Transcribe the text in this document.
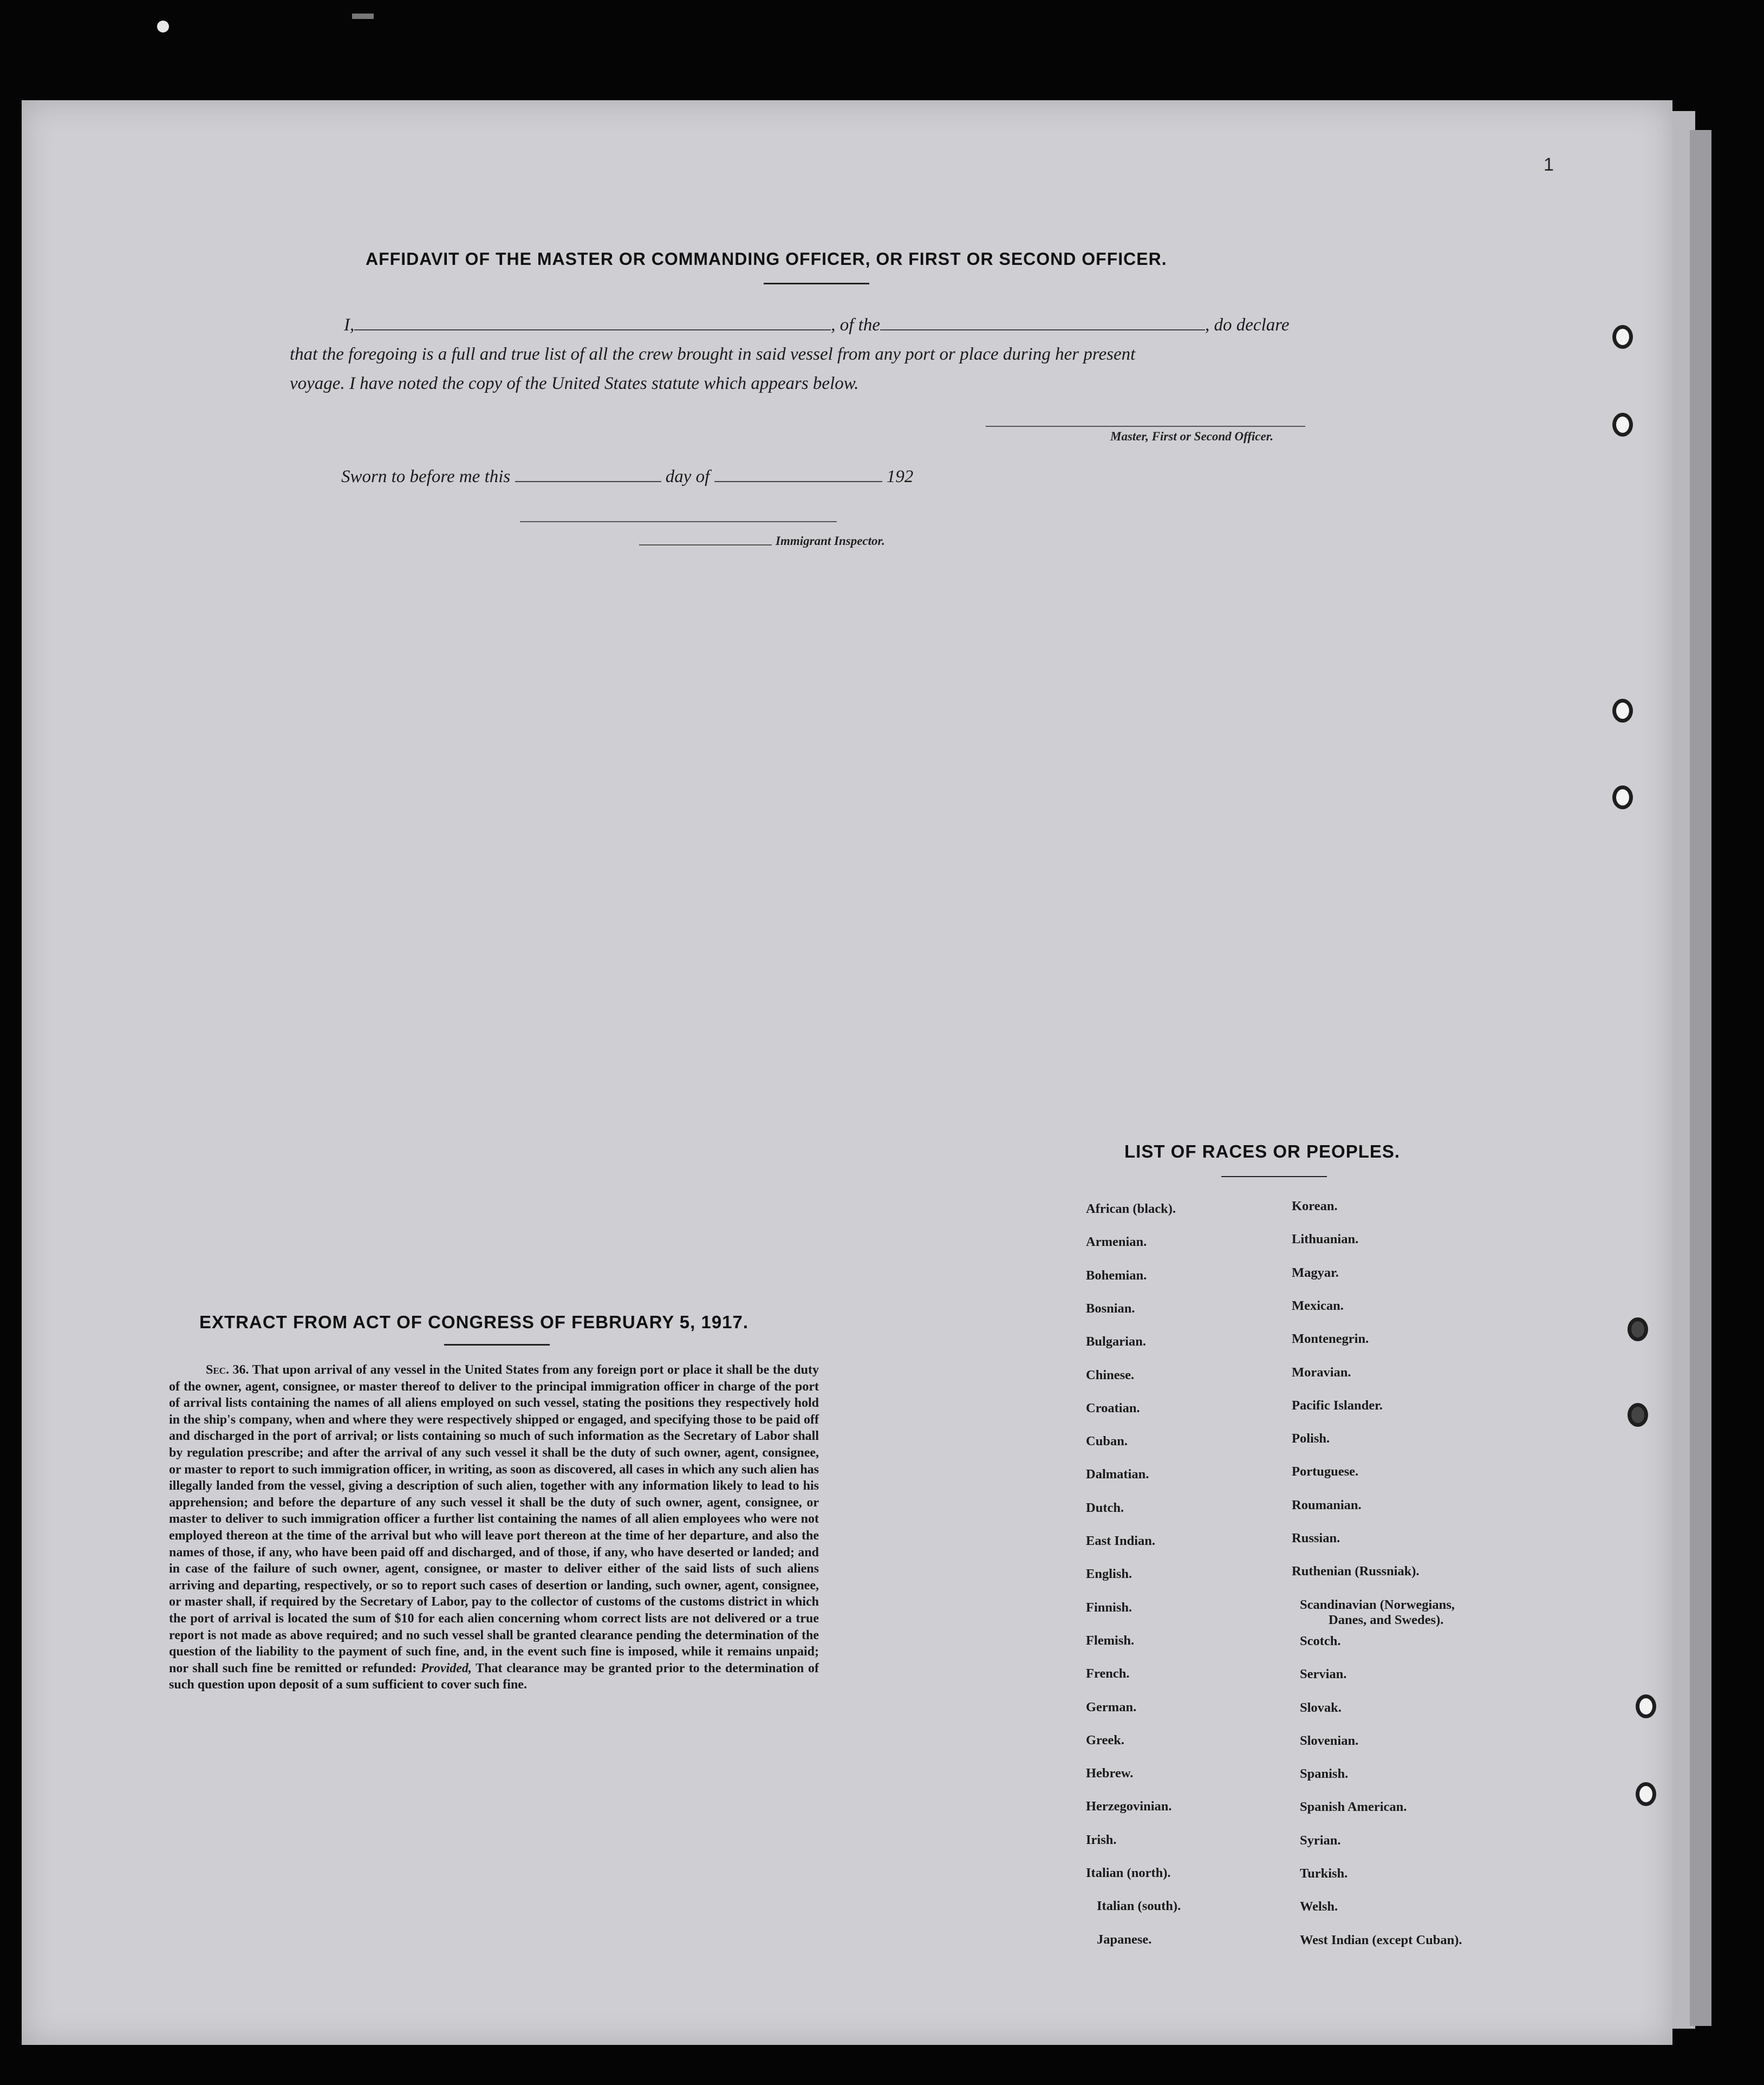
1
AFFIDAVIT OF THE MASTER OR COMMANDING OFFICER, OR FIRST OR SECOND OFFICER.
I,	, of the	, do declare
that the foregoing is a full and true list of all the crew brought in said vessel from any port or place during her present
voyage. I have noted the copy of the United States statute which appears below.
Master, First or Second Officer.
Sworn to before me this	day of	192
Immigrant Inspector.
EXTRACT FROM ACT OF CONGRESS OF FEBRUARY 5, 1917.
Sec. 36. That upon arrival of any vessel in the United States from any foreign port or place it shall be the duty of the owner, agent, consignee, or master thereof to deliver to the principal immigration officer in charge of the port of arrival lists containing the names of all aliens employed on such vessel, stating the positions they respectively hold in the ship's company, when and where they were respectively shipped or engaged, and specifying those to be paid off and discharged in the port of arrival; or lists containing so much of such information as the Secretary of Labor shall by regulation prescribe; and after the arrival of any such vessel it shall be the duty of such owner, agent, consignee, or master to report to such immigration officer, in writing, as soon as discovered, all cases in which any such alien has illegally landed from the vessel, giving a description of such alien, together with any information likely to lead to his apprehension; and before the departure of any such vessel it shall be the duty of such owner, agent, consignee, or master to deliver to such immigration officer a further list containing the names of all alien employees who were not employed thereon at the time of the arrival but who will leave port thereon at the time of her departure, and also the names of those, if any, who have been paid off and discharged, and of those, if any, who have deserted or landed; and in case of the failure of such owner, agent, consignee, or master to deliver either of the said lists of such aliens arriving and departing, respectively, or so to report such cases of desertion or landing, such owner, agent, consignee, or master shall, if required by the Secretary of Labor, pay to the collector of customs of the customs district in which the port of arrival is located the sum of $10 for each alien concerning whom correct lists are not delivered or a true report is not made as above required; and no such vessel shall be granted clearance pending the determination of the question of the liability to the payment of such fine, and, in the event such fine is imposed, while it remains unpaid; nor shall such fine be remitted or refunded: Provided, That clearance may be granted prior to the determination of such question upon deposit of a sum sufficient to cover such fine.
LIST OF RACES OR PEOPLES.
African (black).
Armenian.
Bohemian.
Bosnian.
Bulgarian.
Chinese.
Croatian.
Cuban.
Dalmatian.
Dutch.
East Indian.
English.
Finnish.
Flemish.
French.
German.
Greek.
Hebrew.
Herzegovinian.
Irish.
Italian (north).
Italian (south).
Japanese.
Korean.
Lithuanian.
Magyar.
Mexican.
Montenegrin.
Moravian.
Pacific Islander.
Polish.
Portuguese.
Roumanian.
Russian.
Ruthenian (Russniak).
Scandinavian (Norwegians,
Danes, and Swedes).
Scotch.
Servian.
Slovak.
Slovenian.
Spanish.
Spanish American.
Syrian.
Turkish.
Welsh.
West Indian (except Cuban).
